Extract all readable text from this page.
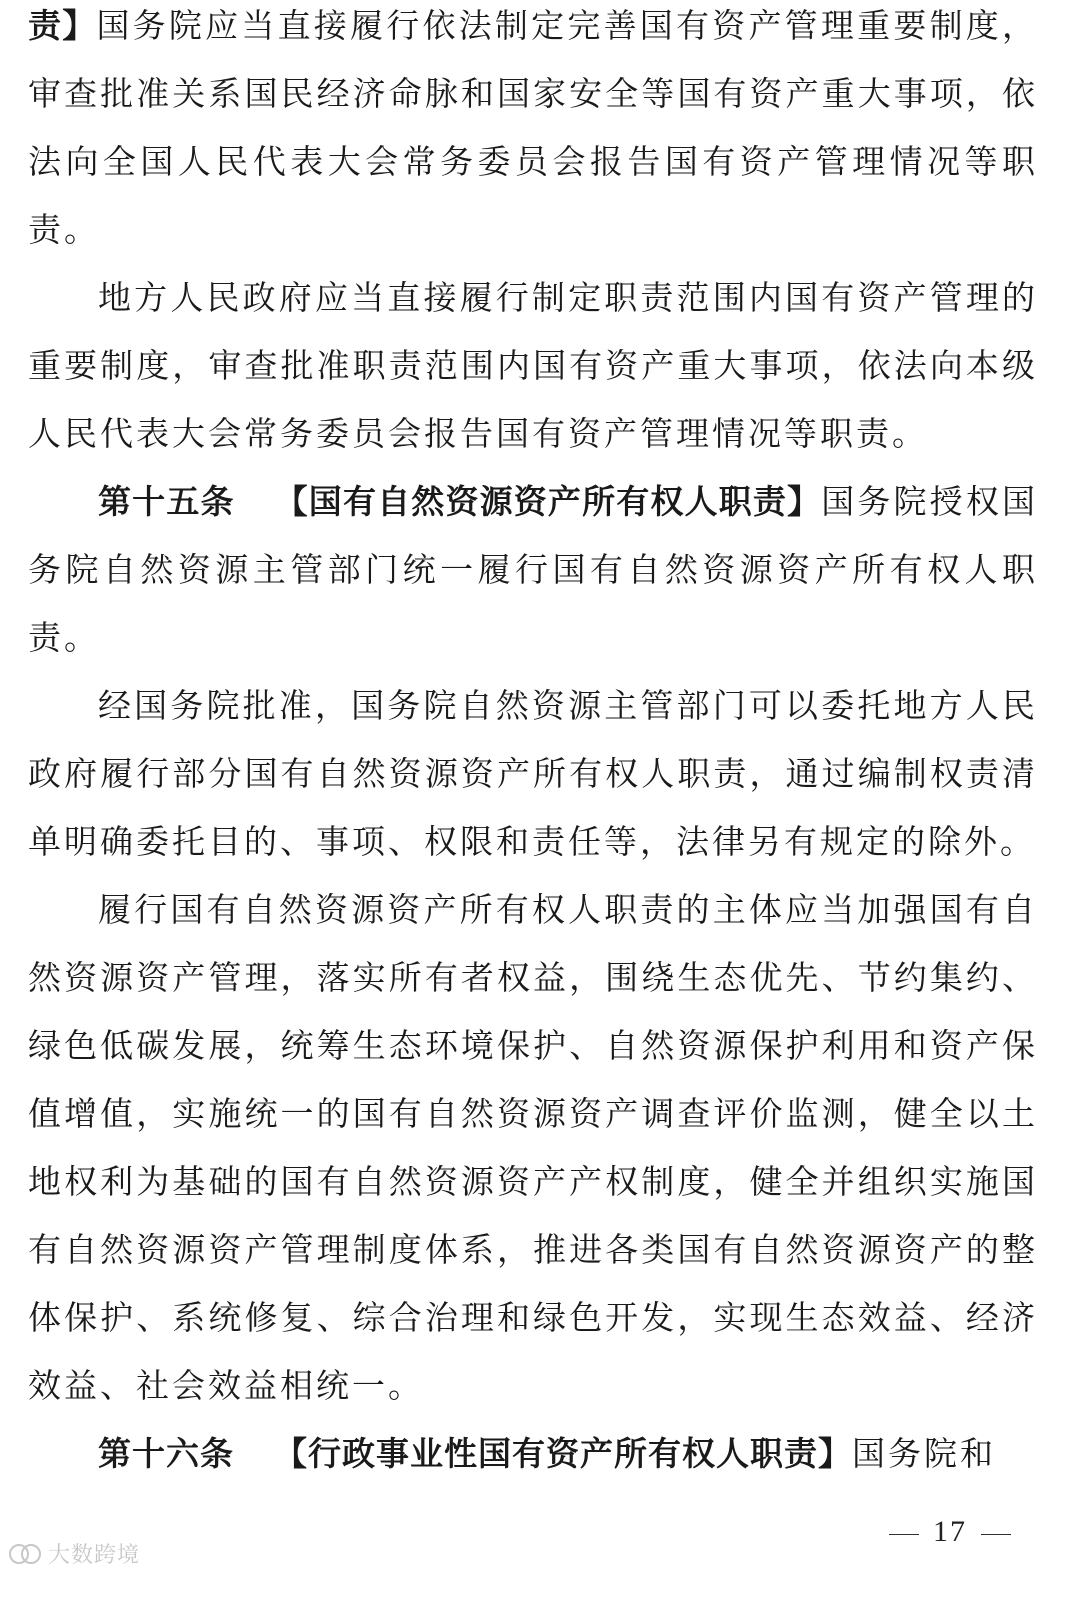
责】国务院应当直接履行依法制定完善国有资产管理重要制度，审查批准关系国民经济命脉和国家安全等国有资产重大事项，依法向全国人民代表大会常务委员会报告国有资产管理情况等职责。

地方人民政府应当直接履行制定职责范围内国有资产管理的重要制度，审查批准职责范围内国有资产重大事项，依法向本级人民代表大会常务委员会报告国有资产管理情况等职责。

第十五条 【国有自然资源资产所有权人职责】国务院授权国务院自然资源主管部门统一履行国有自然资源资产所有权人职责。

经国务院批准，国务院自然资源主管部门可以委托地方人民政府履行部分国有自然资源资产所有权人职责，通过编制权责清单明确委托目的、事项、权限和责任等，法律另有规定的除外。

履行国有自然资源资产所有权人职责的主体应当加强国有自然资源资产管理，落实所有者权益，围绕生态优先、节约集约、绿色低碳发展，统筹生态环境保护、自然资源保护利用和资产保值增值，实施统一的国有自然资源资产调查评价监测，健全以土地权利为基础的国有自然资源资产产权制度，健全并组织实施国有自然资源资产管理制度体系，推进各类国有自然资源资产的整体保护、系统修复、综合治理和绿色开发，实现生态效益、经济效益、社会效益相统一。

第十六条 【行政事业性国有资产所有权人职责】国务院和

17
大数跨境
